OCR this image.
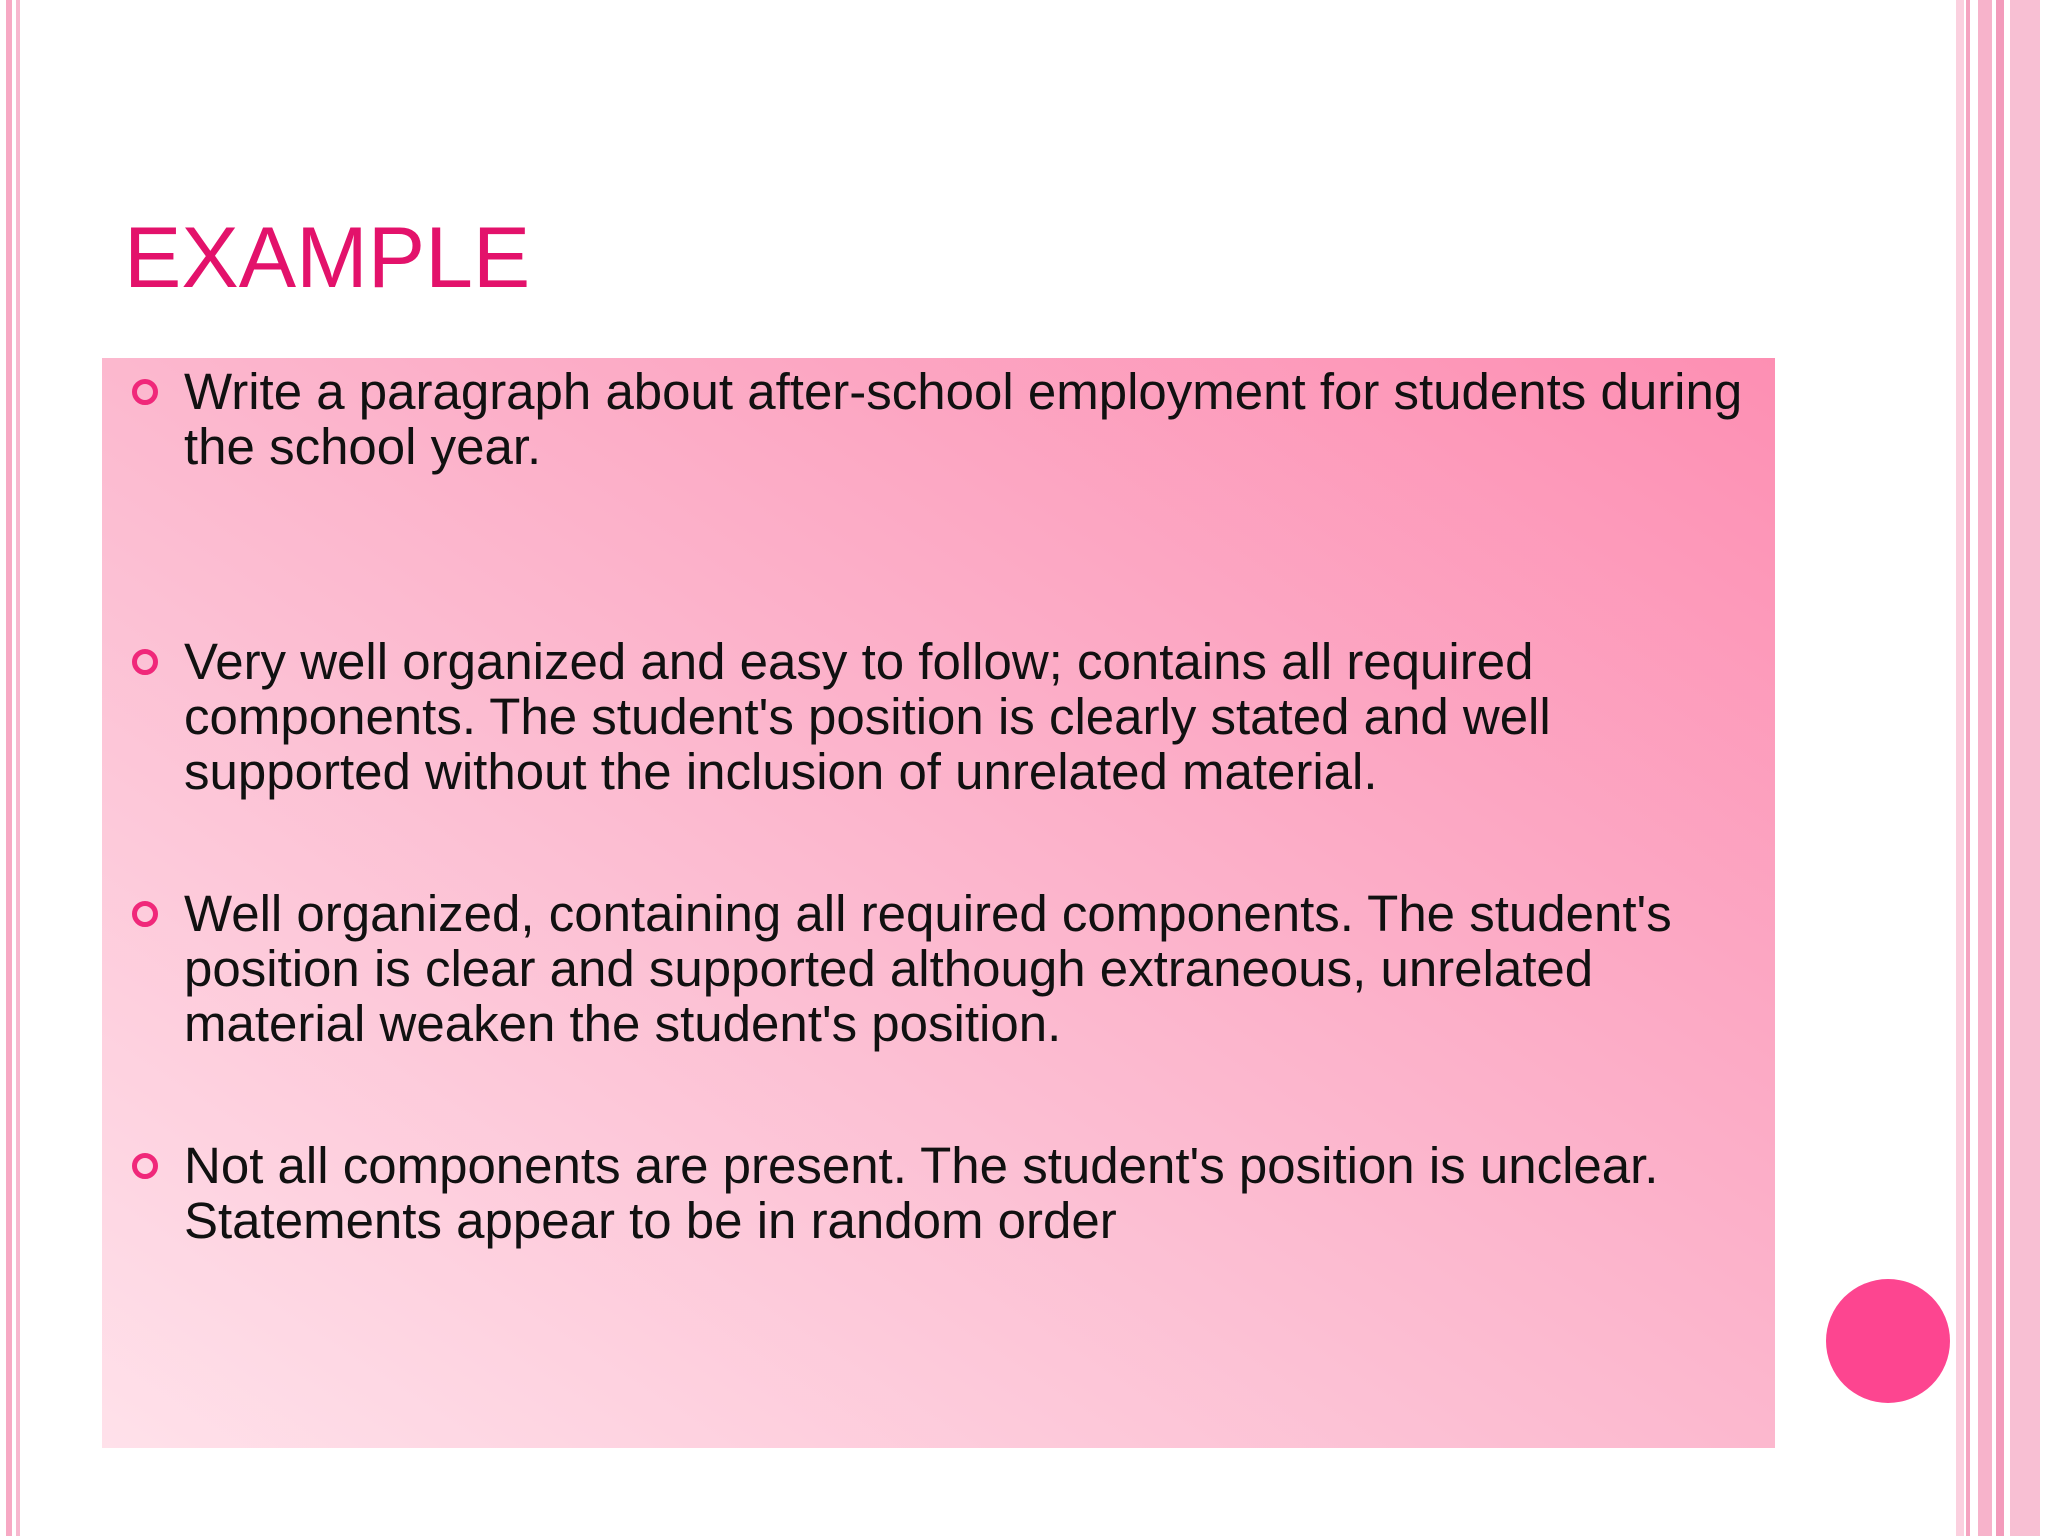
EXAMPLE
Write a paragraph about after-school employment for students during the school year.
Very well organized and easy to follow; contains all required components. The student's position is clearly stated and well supported without the inclusion of unrelated material.
Well organized, containing all required components. The student's position is clear and supported although extraneous, unrelated material weaken the student's position.
Not all components are present. The student's position is unclear. Statements appear to be in random order
